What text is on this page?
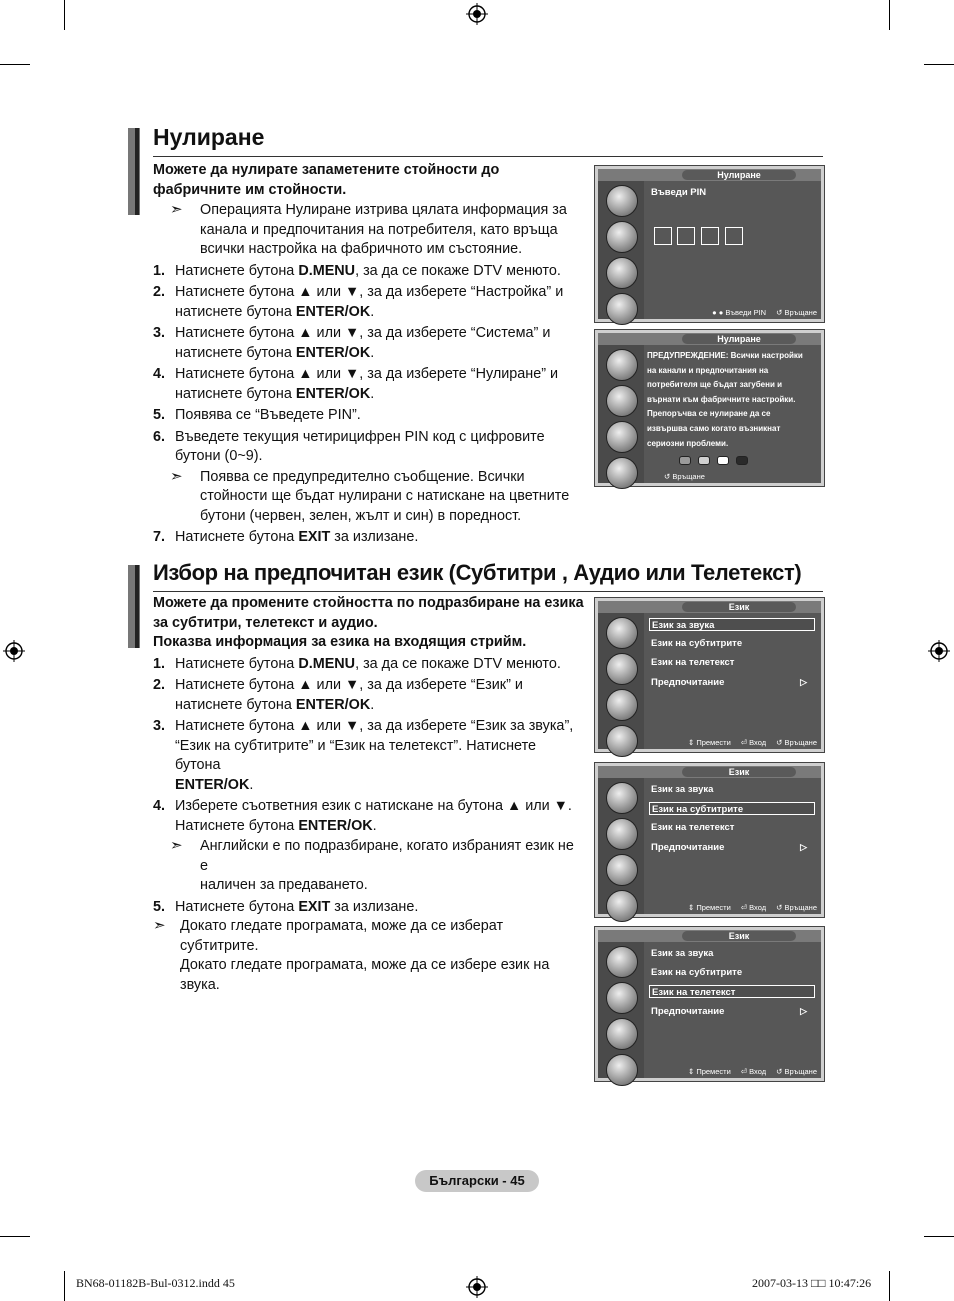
Нулиране

Можете да нулирате запаметените стойности до

фабричните им стойности.

➣ Операцията Нулиране изтрива цялата информация за
канала и предпочитания на потребителя, като връща
всички настройка на фабричното им състояние.
1. Натиснете бутона D.MENU, за да се покаже DTV менюто.
2. Натиснете бутона ▲ или ▼, за да изберете “Настройка” и
натиснете бутона ENTER/OK.
3. Натиснете бутона ▲ или ▼, за да изберете “Система” и
натиснете бутона ENTER/OK.
4. Натиснете бутона ▲ или ▼, за да изберете “Нулиране” и
натиснете бутона ENTER/OK.
5. Появява се “Въведете PIN”.
6. Въведете текущия четирицифрен PIN код с цифровите
бутони (0~9).
➣ Появва се предупредително съобщение. Всички
стойности ще бъдат нулирани с натискане на цветните
бутони (червен, зелен, жълт и син) в поредност.
7. Натиснете бутона EXIT за излизане.
Нулиране
Въведи PIN
● ● Въведи PIN ↺ Връщане
Нулиране
ПРЕДУПРЕЖДЕНИЕ: Всички настройки
на канали и предпочитания на
потребителя ще бъдат загубени и
върнати към фабричните настройки.
Препоръчва се нулиране да се
извършва само когато възникнат
сериозни проблеми.
↺ Връщане
Избор на предпочитан език (Субтитри , Аудио или Телетекст)

Можете да промените стойността по подразбиране на езика

за субтитри, телетекст и аудио.

Показва информация за езика на входящия стрийм.

1. Натиснете бутона D.MENU, за да се покаже DTV менюто.
2. Натиснете бутона ▲ или ▼, за да изберете “Език” и
натиснете бутона ENTER/OK.
3. Натиснете бутона ▲ или ▼, за да изберете “Език за звука”,
“Език на субтитрите” и “Език на телетекст”. Натиснете бутона
ENTER/OK.
4. Изберете съответния език с натискане на бутона ▲ или ▼.
Натиснете бутона ENTER/OK.
➣ Английски е по подразбиране, когато избраният език не е
наличен за предаването.
5. Натиснете бутона EXIT за излизане.
➣ Докато гледате програмата, може да се изберат субтитрите.
Докато гледате програмата, може да се избере език на
звука.
Език
Език за звука
Език на субтитрите
Език на телетекст
Предпочитание	▷
⇕ Премести ⏎ Вход ↺ Връщане
Език
Език за звука
Език на субтитрите
Език на телетекст
Предпочитание	▷
⇕ Премести ⏎ Вход ↺ Връщане
Език
Език за звука
Език на субтитрите
Език на телетекст
Предпочитание	▷
⇕ Премести ⏎ Вход ↺ Връщане
Български - 45
BN68-01182B-Bul-0312.indd 45	2007-03-13 □□ 10:47:26
